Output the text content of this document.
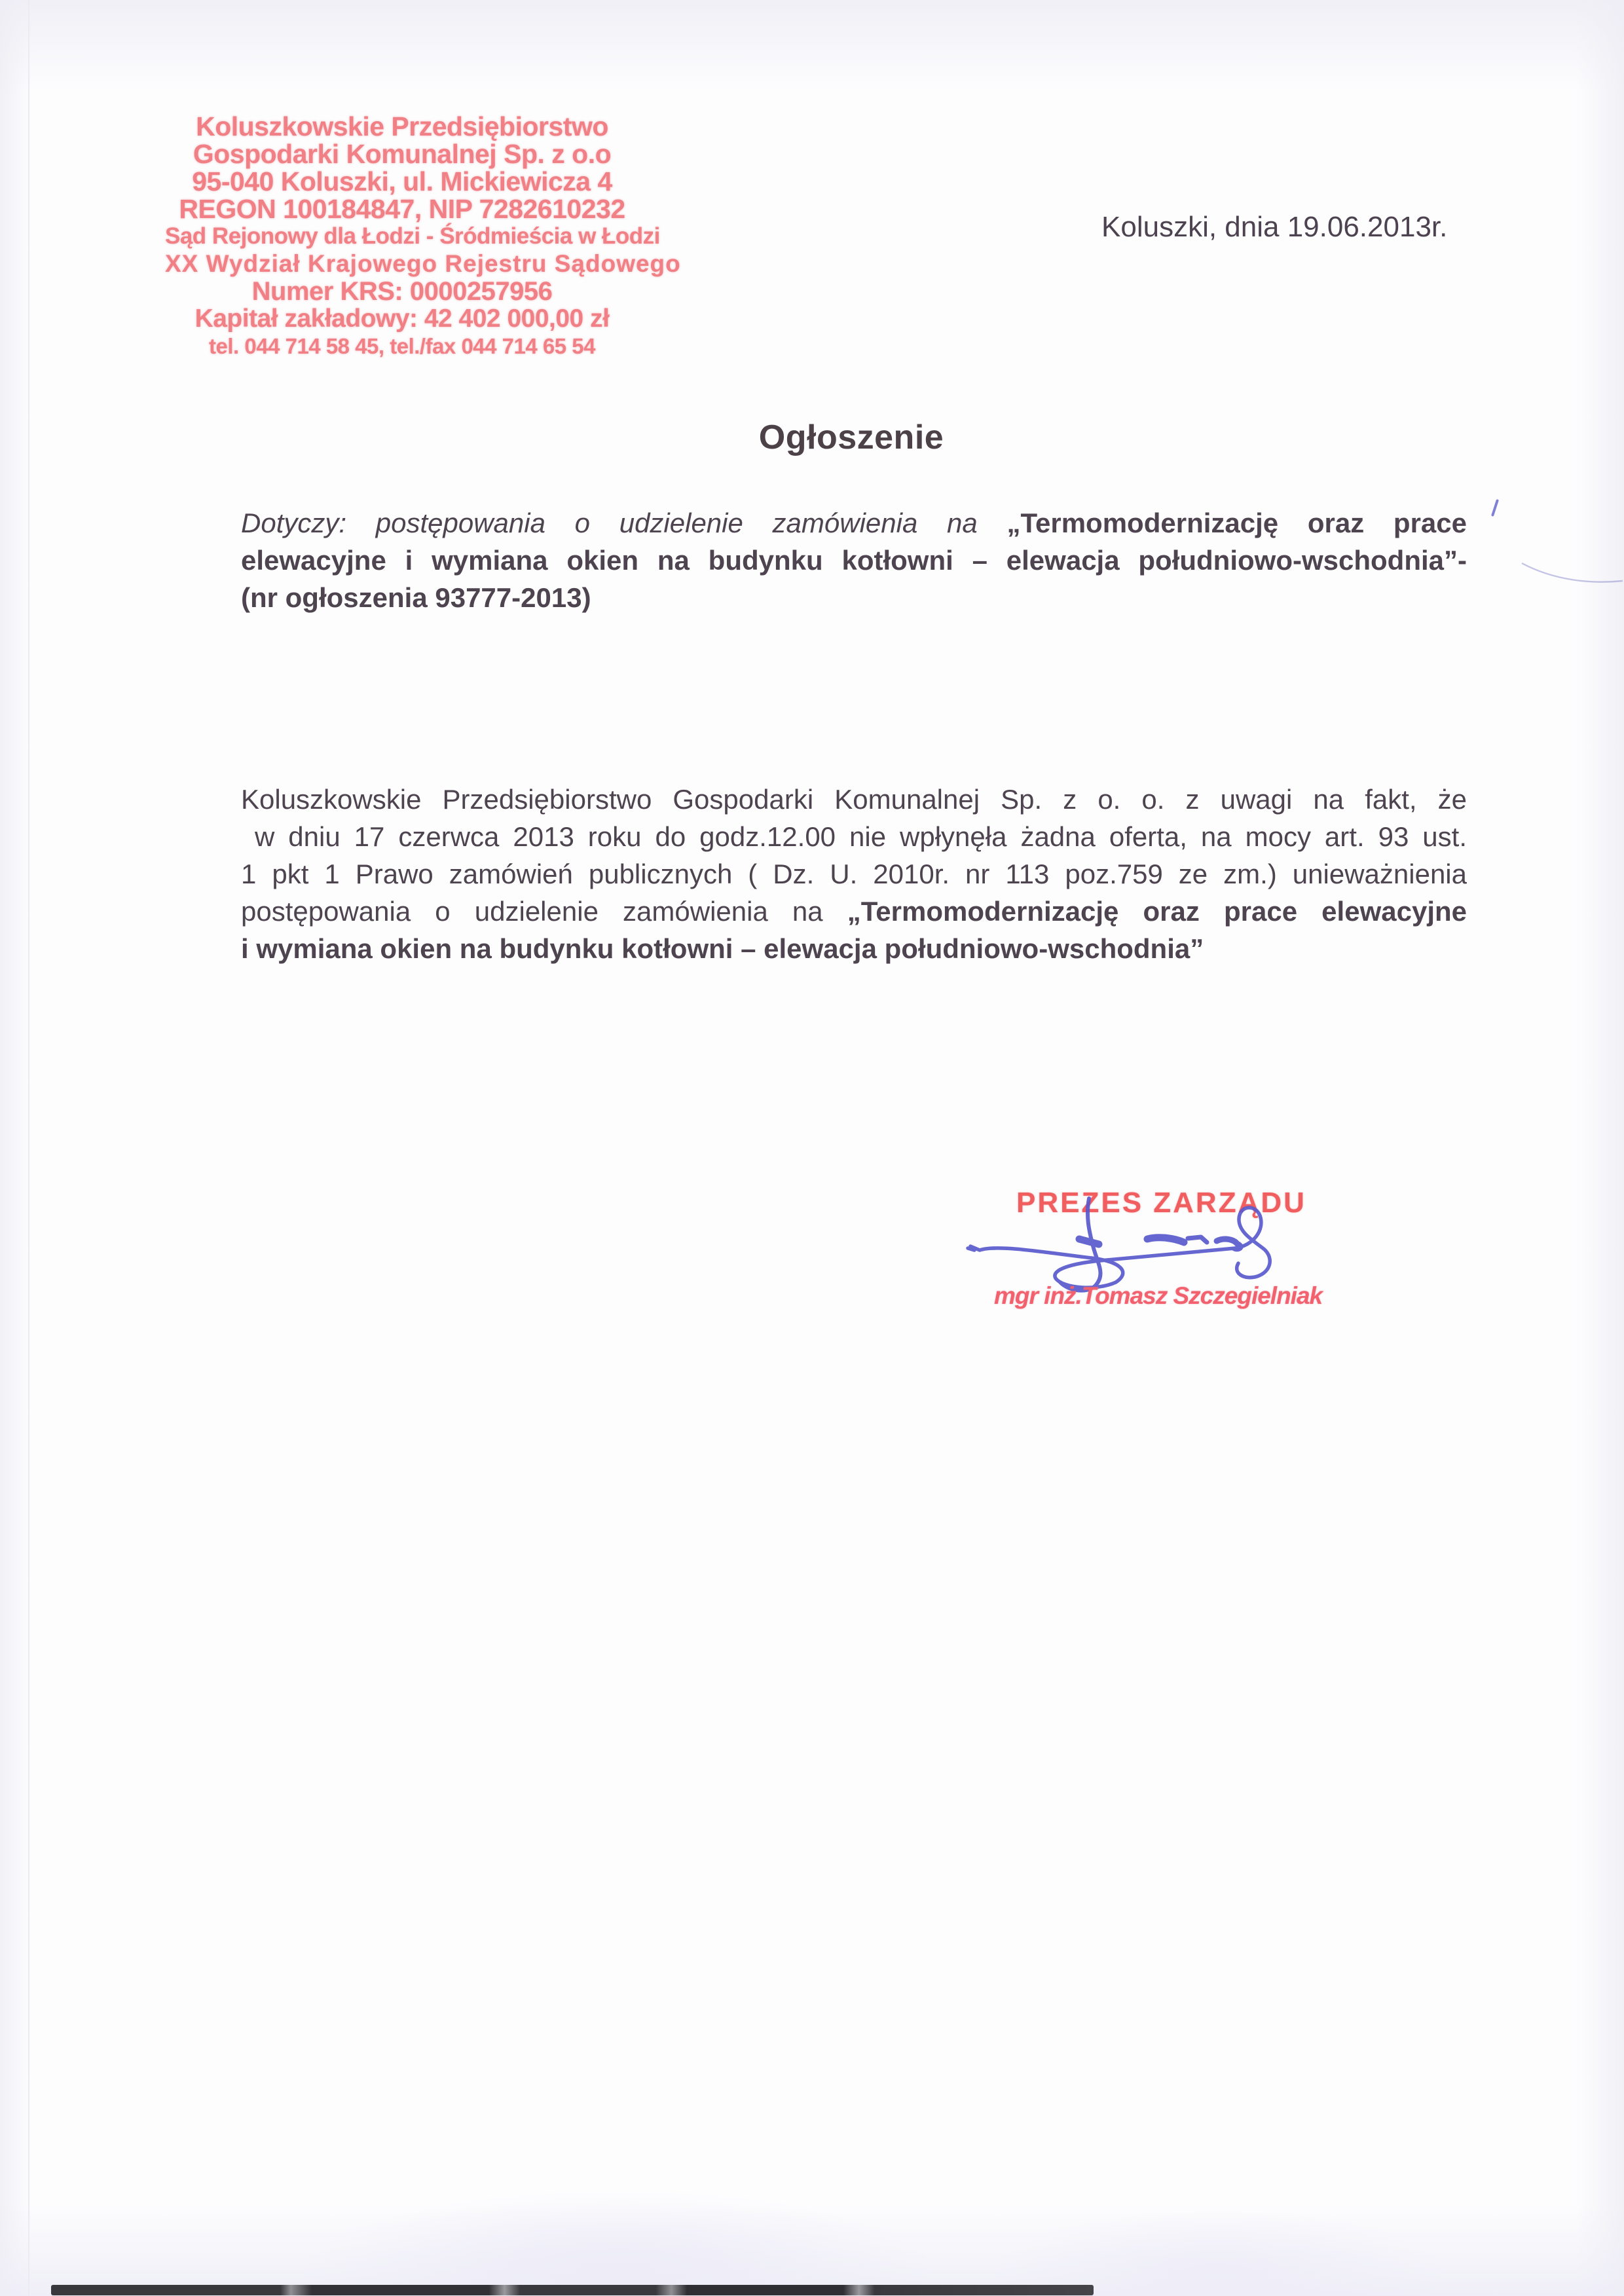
Koluszkowskie Przedsiębiorstwo
Gospodarki Komunalnej Sp. z o.o
95-040 Koluszki, ul. Mickiewicza 4
REGON 100184847, NIP 7282610232
Sąd Rejonowy dla Łodzi - Śródmieścia w Łodzi
XX Wydział Krajowego Rejestru Sądowego
Numer KRS: 0000257956
Kapitał zakładowy: 42 402 000,00 zł
tel. 044 714 58 45, tel./fax 044 714 65 54
Koluszki, dnia 19.06.2013r.
Ogłoszenie
Dotyczy: postępowania o udzielenie zamówienia na „Termomodernizację oraz prace
elewacyjne i wymiana okien na budynku kotłowni – elewacja południowo-wschodnia”-
(nr ogłoszenia 93777-2013)
Koluszkowskie Przedsiębiorstwo Gospodarki Komunalnej Sp. z o. o. z uwagi na fakt, że
w dniu 17 czerwca 2013 roku do godz.12.00 nie wpłynęła żadna oferta, na mocy art. 93 ust.
1 pkt 1 Prawo zamówień publicznych ( Dz. U. 2010r. nr 113 poz.759 ze zm.) unieważnienia
postępowania o udzielenie zamówienia na „Termomodernizację oraz prace elewacyjne
i wymiana okien na budynku kotłowni – elewacja południowo-wschodnia”
PREZES ZARZĄDU
mgr inż.Tomasz Szczegielniak
